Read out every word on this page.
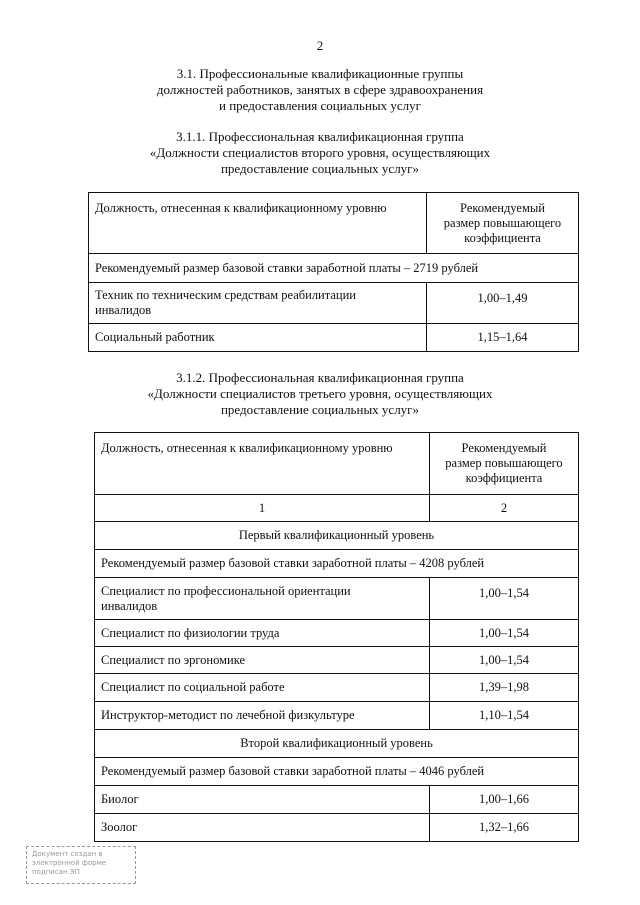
2
3.1. Профессиональные квалификационные группы
должностей работников, занятых в сфере здравоохранения
и предоставления социальных услуг
3.1.1. Профессиональная квалификационная группа
«Должности специалистов второго уровня, осуществляющих
предоставление социальных услуг»
Должность, отнесенная к квалификационному уровню	Рекомендуемый
размер повышающего
коэффициента

Рекомендуемый размер базовой ставки заработной платы – 2719 рублей	

Техник по техническим средствам реабилитации
инвалидов	1,00–1,49
Социальный работник	1,15–1,64
3.1.2. Профессиональная квалификационная группа
«Должности специалистов третьего уровня, осуществляющих
предоставление социальных услуг»
Должность, отнесенная к квалификационному уровню	Рекомендуемый
размер повышающего
коэффициента

1	2
Первый квалификационный уровень	
Рекомендуемый размер базовой ставки заработной платы – 4208 рублей	

Специалист по профессиональной ориентации
инвалидов	1,00–1,54
Специалист по физиологии труда	1,00–1,54
Специалист по эргономике	1,00–1,54
Специалист по социальной работе	1,39–1,98
Инструктор-методист по лечебной физкультуре	1,10–1,54
Второй квалификационный уровень	
Рекомендуемый размер базовой ставки заработной платы – 4046 рублей	
Биолог	1,00–1,66
Зоолог	1,32–1,66
Документ создан в
электронной форме
подписан ЭП
